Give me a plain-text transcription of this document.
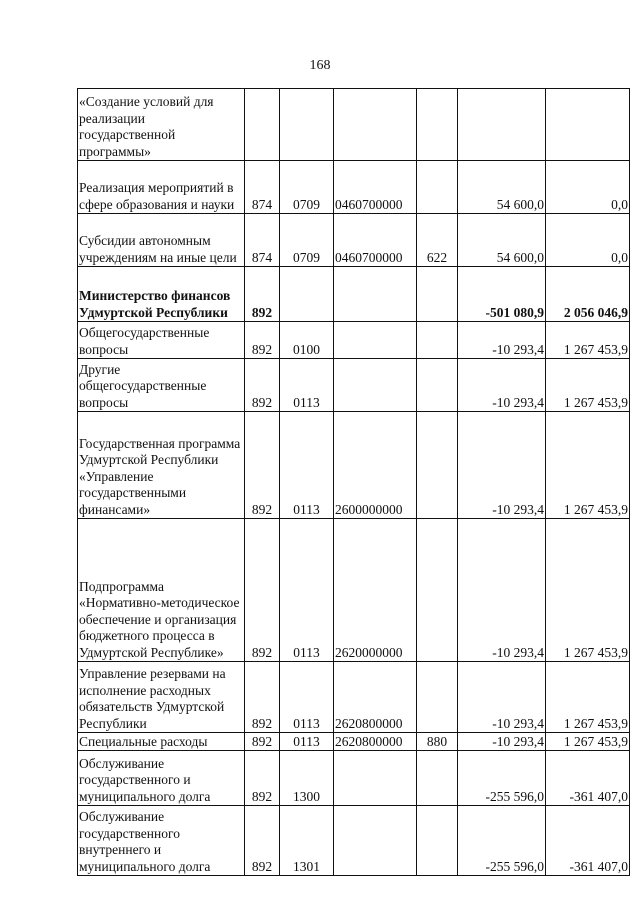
168
«Создание условий для реализации государственной программы»						
Реализация мероприятий в сфере образования и науки	874	0709	0460700000		54 600,0	0,0
Субсидии автономным учреждениям на иные цели	874	0709	0460700000	622	54 600,0	0,0
Министерство финансов Удмуртской Республики	892				-501 080,9	2 056 046,9
Общегосударственные вопросы	892	0100			-10 293,4	1 267 453,9
Другие общегосударственные вопросы	892	0113			-10 293,4	1 267 453,9
Государственная программа Удмуртской Республики «Управление государственными финансами»	892	0113	2600000000		-10 293,4	1 267 453,9
Подпрограмма «Нормативно-методическое обеспечение и организация бюджетного процесса в Удмуртской Республике»	892	0113	2620000000		-10 293,4	1 267 453,9
Управление резервами на исполнение расходных обязательств Удмуртской Республики	892	0113	2620800000		-10 293,4	1 267 453,9
Специальные расходы	892	0113	2620800000	880	-10 293,4	1 267 453,9
Обслуживание государственного и муниципального долга	892	1300			-255 596,0	-361 407,0
Обслуживание государственного внутреннего и муниципального долга	892	1301			-255 596,0	-361 407,0
